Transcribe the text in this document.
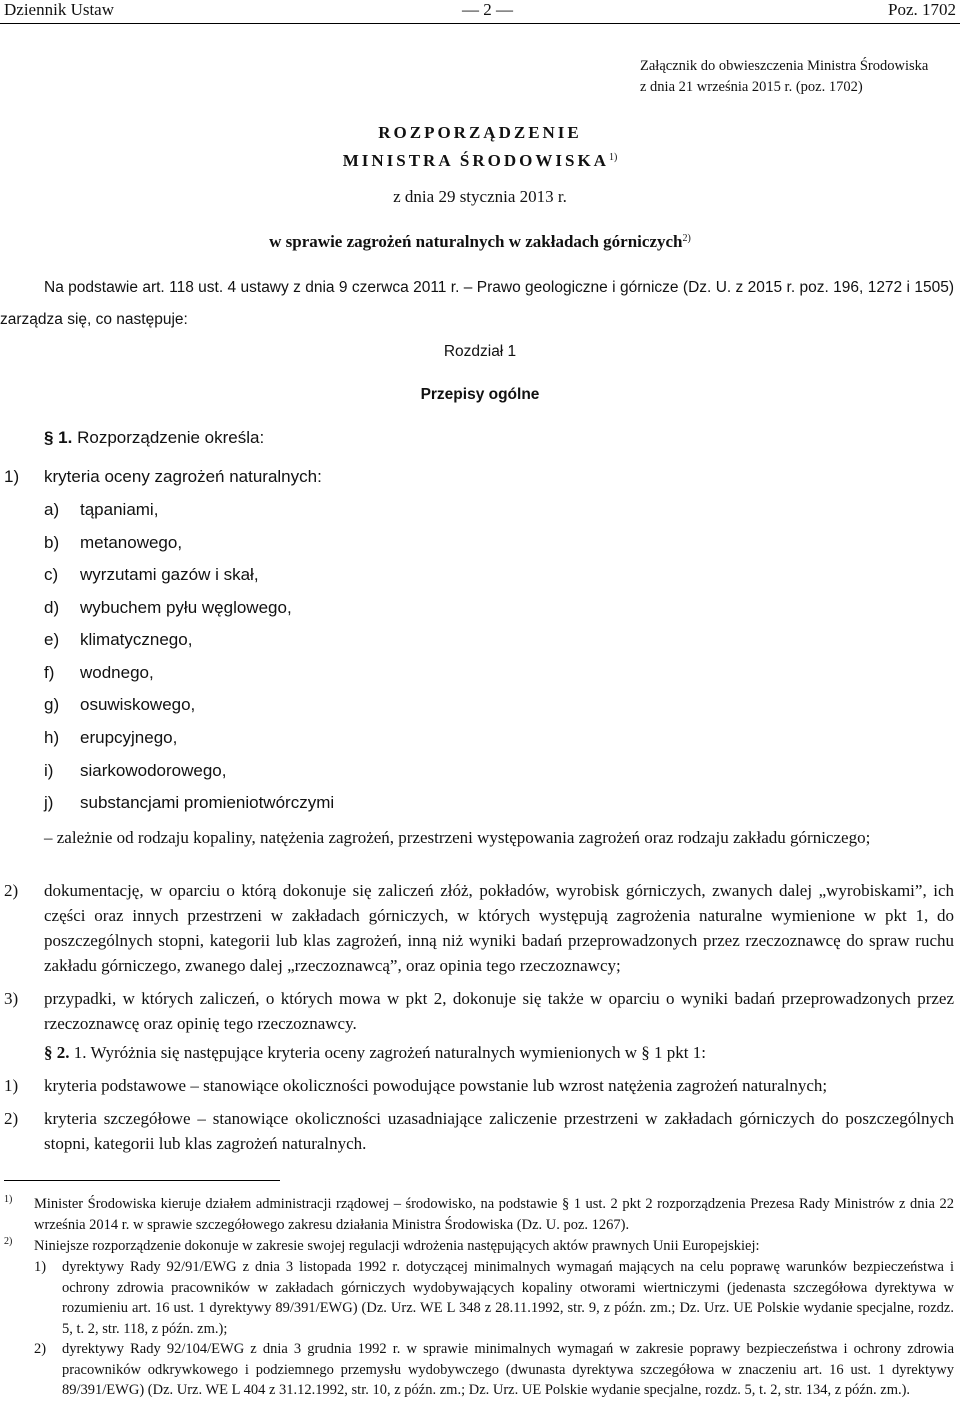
Dziennik Ustaw	— 2 —	Poz. 1702
Załącznik do obwieszczenia Ministra Środowiska
z dnia 21 września 2015 r. (poz. 1702)
ROZPORZĄDZENIE
MINISTRA ŚRODOWISKA$^{1)}$
z dnia 29 stycznia 2013 r.
w sprawie zagrożeń naturalnych w zakładach górniczych$^{2)}$
Na podstawie art. 118 ust. 4 ustawy z dnia 9 czerwca 2011 r. – Prawo geologiczne i górnicze (Dz. U. z 2015 r. poz. 196, 1272 i 1505) zarządza się, co następuje:
Rozdział 1
Przepisy ogólne
§ 1. Rozporządzenie określa:
1) kryteria oceny zagrożeń naturalnych:
a) tąpaniami,
b) metanowego,
c) wyrzutami gazów i skał,
d) wybuchem pyłu węglowego,
e) klimatycznego,
f) wodnego,
g) osuwiskowego,
h) erupcyjnego,
i) siarkowodorowego,
j) substancjami promieniotwórczymi
– zależnie od rodzaju kopaliny, natężenia zagrożeń, przestrzeni występowania zagrożeń oraz rodzaju zakładu górniczego;
2) dokumentację, w oparciu o którą dokonuje się zaliczeń złóż, pokładów, wyrobisk górniczych, zwanych dalej „wyrobiskami”, ich części oraz innych przestrzeni w zakładach górniczych, w których występują zagrożenia naturalne wymienione w pkt 1, do poszczególnych stopni, kategorii lub klas zagrożeń, inną niż wyniki badań przeprowadzonych przez rzeczoznawcę do spraw ruchu zakładu górniczego, zwanego dalej „rzeczoznawcą”, oraz opinia tego rzeczoznawcy;
3) przypadki, w których zaliczeń, o których mowa w pkt 2, dokonuje się także w oparciu o wyniki badań przeprowadzonych przez rzeczoznawcę oraz opinię tego rzeczoznawcy.
§ 2. 1. Wyróżnia się następujące kryteria oceny zagrożeń naturalnych wymienionych w § 1 pkt 1:
1) kryteria podstawowe – stanowiące okoliczności powodujące powstanie lub wzrost natężenia zagrożeń naturalnych;
2) kryteria szczegółowe – stanowiące okoliczności uzasadniające zaliczenie przestrzeni w zakładach górniczych do poszczególnych stopni, kategorii lub klas zagrożeń naturalnych.
1) Minister Środowiska kieruje działem administracji rządowej – środowisko, na podstawie § 1 ust. 2 pkt 2 rozporządzenia Prezesa Rady Ministrów z dnia 22 września 2014 r. w sprawie szczegółowego zakresu działania Ministra Środowiska (Dz. U. poz. 1267).
2) Niniejsze rozporządzenie dokonuje w zakresie swojej regulacji wdrożenia następujących aktów prawnych Unii Europejskiej:
1) dyrektywy Rady 92/91/EWG z dnia 3 listopada 1992 r. dotyczącej minimalnych wymagań mających na celu poprawę warunków bezpieczeństwa i ochrony zdrowia pracowników w zakładach górniczych wydobywających kopaliny otworami wiertniczymi (jedenasta szczegółowa dyrektywa w rozumieniu art. 16 ust. 1 dyrektywy 89/391/EWG) (Dz. Urz. WE L 348 z 28.11.1992, str. 9, z późn. zm.; Dz. Urz. UE Polskie wydanie specjalne, rozdz. 5, t. 2, str. 118, z późn. zm.);
2) dyrektywy Rady 92/104/EWG z dnia 3 grudnia 1992 r. w sprawie minimalnych wymagań w zakresie poprawy bezpieczeństwa i ochrony zdrowia pracowników odkrywkowego i podziemnego przemysłu wydobywczego (dwunasta dyrektywa szczegółowa w znaczeniu art. 16 ust. 1 dyrektywy 89/391/EWG) (Dz. Urz. WE L 404 z 31.12.1992, str. 10, z późn. zm.; Dz. Urz. UE Polskie wydanie specjalne, rozdz. 5, t. 2, str. 134, z późn. zm.).
